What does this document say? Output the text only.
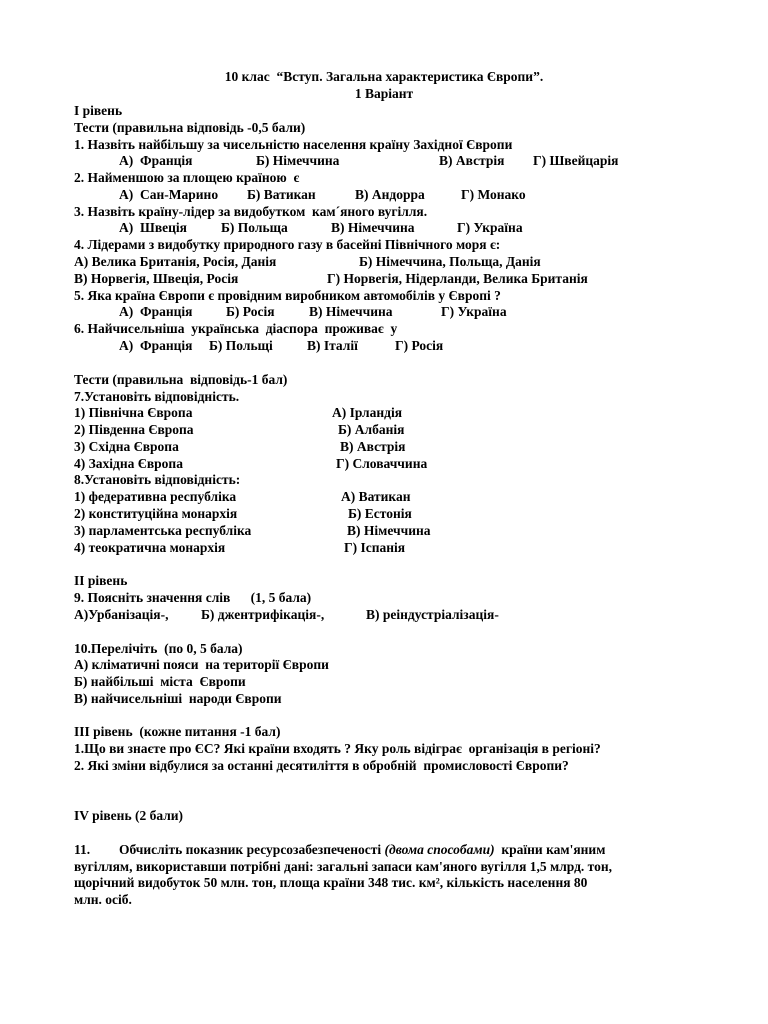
10 клас  “Вступ. Загальна характеристика Європи”.
1 Варіант
І рівень
Тести (правильна відповідь -0,5 бали)
1. Назвіть найбільшу за чисельністю населення країну Західної Європи
А)  Франція	Б) Німеччина	В) Австрія Г) Швейцарія
2. Найменшою за площею країною  є
А)  Сан-Марино Б) Ватикан	В) Андорра	Г) Монако
3. Назвіть країну-лідер за видобутком  кам´яного вугілля.
А)  Швеція	Б) Польща	В) Німеччина	Г) Україна
4. Лідерами з видобутку природного газу в басейні Північного моря є:
А) Велика Британія, Росія, Данія	Б) Німеччина, Польща, Данія
В) Норвегія, Швеція, Росія	Г) Норвегія, Нідерланди, Велика Британія
5. Яка країна Європи є провідним виробником автомобілів у Європі ?
А)  Франція Б) Росія	В) Німеччина	Г) Україна
6. Найчисельніша  українська  діаспора  проживає  у
А)  Франція Б) Польщі	В) Італії	Г) Росія
Тести (правильна  відповідь-1 бал)
7.Установіть відповідність.
1) Північна Європа	А) Ірландія
2) Південна Європа	Б) Албанія
3) Східна Європа	В) Австрія
4) Західна Європа	Г) Словаччина
8.Установіть відповідність:
1) федеративна республіка	А) Ватикан
2) конституційна монархія	Б) Естонія
3) парламентська республіка	В) Німеччина
4) теократична монархія	Г) Іспанія
ІІ рівень
9. Поясніть значення слів      (1, 5 бала)
А)Урбанізація-, Б) джентрифікація-,	В) реіндустріалізація-
10.Перелічіть  (по 0, 5 бала)
А) кліматичні пояси  на території Європи
Б) найбільші  міста  Європи
В) найчисельніші  народи Європи
ІІІ рівень  (кожне питання -1 бал)
1.Що ви знаєте про ЄС? Які країни входять ? Яку роль відіграє  організація в регіоні?
2. Які зміни відбулися за останні десятиліття в обробній  промисловості Європи?
IV рівень (2 бали)
11. Обчисліть показник ресурсозабезпеченості (двома способами)  країни кам'яним
вугіллям, використавши потрібні дані: загальні запаси кам'яного вугілля 1,5 млрд. тон,
щорічний видобуток 50 млн. тон, площа країни 348 тис. км², кількість населення 80
млн. осіб.
